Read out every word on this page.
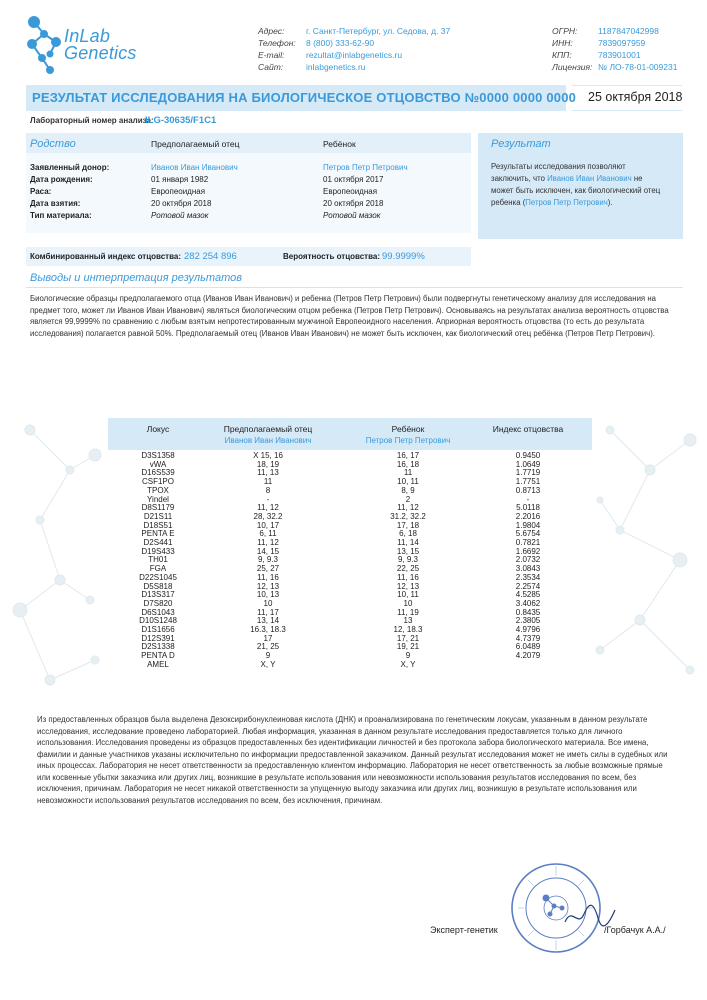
InLab
Genetics
Адрес:	г. Санкт-Петербург, ул. Седова, д. 37
Телефон:	8 (800) 333-62-90
E-mail:	rezultat@inlabgenetics.ru
Сайт:	inlabgenetics.ru
ОГРН: 1187847042998
ИНН:	7839097959
КПП:	783901001
Лицензия: № ЛО-78-01-009231
РЕЗУЛЬТАТ ИССЛЕДОВАНИЯ НА БИОЛОГИЧЕСКОЕ ОТЦОВСТВО №0000 0000 0000 25 октября 2018
Лабораторный номер анализа:
ILG-30635/F1C1
Родство	Предполагаемый отец	Ребёнок
Заявленный донор:	Иванов Иван Иванович	Петров Петр Петрович
Дата рождения:	01 января 1982	01 октября 2017
Раса:	Европеоидная	Европеоидная
Дата взятия:	20 октября 2018	20 октября 2018
Тип материала:	Ротовой мазок	Ротовой мазок
Результат
Результаты исследования позволяют заключить, что Иванов Иван Иванович не может быть исключен, как биологический отец ребенка (Петров Петр Петрович).
Комбинированный индекс отцовства: 282 254 896	Вероятность отцовства: 99.9999%
Выводы и интерпретация результатов
Биологические образцы предполагаемого отца (Иванов Иван Иванович) и ребенка (Петров Петр Петрович) были подвергнуты генетическому анализу для исследования на предмет того, может ли Иванов Иван Иванович) являться биологическим отцом ребенка (Петров Петр Петрович). Основываясь на результатах анализа вероятность отцовства является 99,9999% по сравнению с любым взятым непротестированным мужчиной Европеоидного населения. Априорная вероятность отцовства (то есть до результата исследования) полагается равной 50%. Предполагаемый отец (Иванов Иван Иванович) не может быть исключен, как биологический отец ребёнка (Петров Петр Петрович).
Локус	Предполагаемый отец
Иванов Иван Иванович
Ребёнок
Петров Петр Петрович
Индекс отцовства
D3S1358	X 15, 16	16, 17	0.9450
vWA	18, 19	16, 18	1.0649
D16S539	11, 13	11	1.7719
CSF1PO	11	10, 11	1.7751
TPOX	8	8, 9	0.8713
Yindel	-	2	-
D8S1179	11, 12	11, 12	5.0118
D21S11	28, 32.2	31.2, 32.2	2.2016
D18S51	10, 17	17, 18	1.9804
PENTA E	6, 11	6, 18	5.6754
D2S441	11, 12	11, 14	0.7821
D19S433	14, 15	13, 15	1.6692
TH01	9, 9.3	9, 9.3	2.0732
FGA	25, 27	22, 25	3.0843
D22S1045	11, 16	11, 16	2.3534
D5S818	12, 13	12, 13	2.2574
D13S317	10, 13	10, 11	4.5285
D7S820	10	10	3.4062
D6S1043	11, 17	11, 19	0.8435
D10S1248	13, 14	13	2.3805
D1S1656	16.3, 18.3	12, 18.3	4.9796
D12S391	17	17, 21	4.7379
D2S1338	21, 25	19, 21	6.0489
PENTA D	9	9	4.2079
AMEL	X, Y	X, Y
Из предоставленных образцов была выделена Дезоксирибонуклеиновая кислота (ДНК) и проанализирована по генетическим локусам, указанным в данном результате исследования, исследование проведено лабораторией. Любая информация, указанная в данном результате исследования предоставляется только для личного использования. Исследования проведены из образцов предоставленных без идентификации личностей и без протокола забора биологического материала. Все имена, фамилии и данные участников указаны исключительно по информации предоставленной заказчиком. Данный результат исследования может не иметь силы в судебных или иных процессах. Лаборатория не несет ответственности за предоставленную клиентом информацию. Лаборатория не несет ответственность за любые возможные прямые или косвенные убытки заказчика или других лиц, возникшие в результате использования или невозможности использования результатов исследования по всем, без исключения, причинам. Лаборатория не несет никакой ответственности за упущенную выгоду заказчика или других лиц, возникшую в результате использования или невозможности использования результатов исследования по всем, без исключения, причинам.
Эксперт-генетик	/Горбачук А.А./
